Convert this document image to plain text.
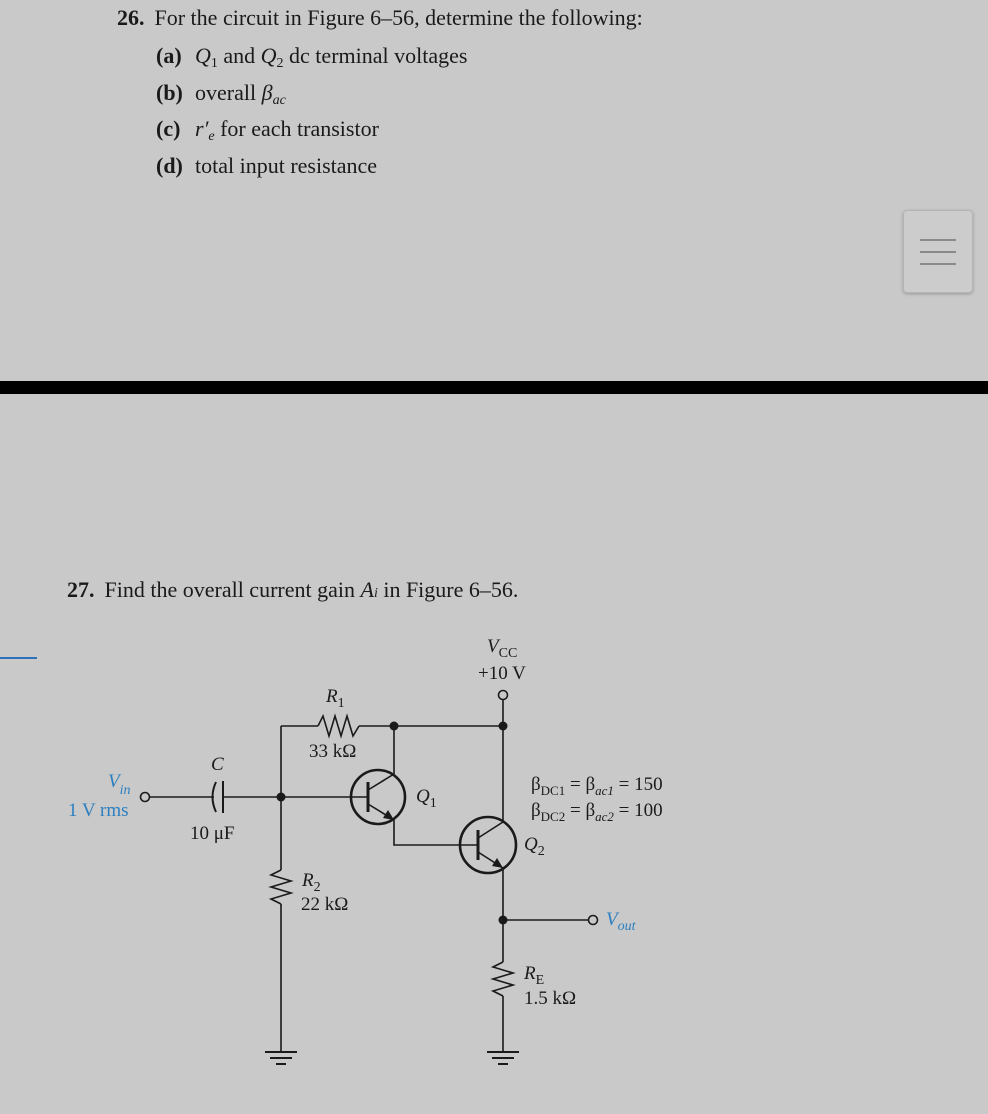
26. For the circuit in Figure 6–56, determine the following:
(a) Q1 and Q2 dc terminal voltages
(b) overall $\beta_{ac}$
(c) $r'_e$ for each transistor
(d) total input resistance
27. Find the overall current gain
A i
in Figure 6–56.
$V_{CC}$
+10 V
$R_1$
33 kΩ
$V_{in}$
1 V rms
C
10 μF
$R_2$
22 kΩ
$Q_1$
$Q_2$
$V_{out}$
$R_E$
1.5 kΩ
$\beta_{DC1} = \beta_{ac1} = 150$
$\beta_{DC2} = \beta_{ac2} = 100$
